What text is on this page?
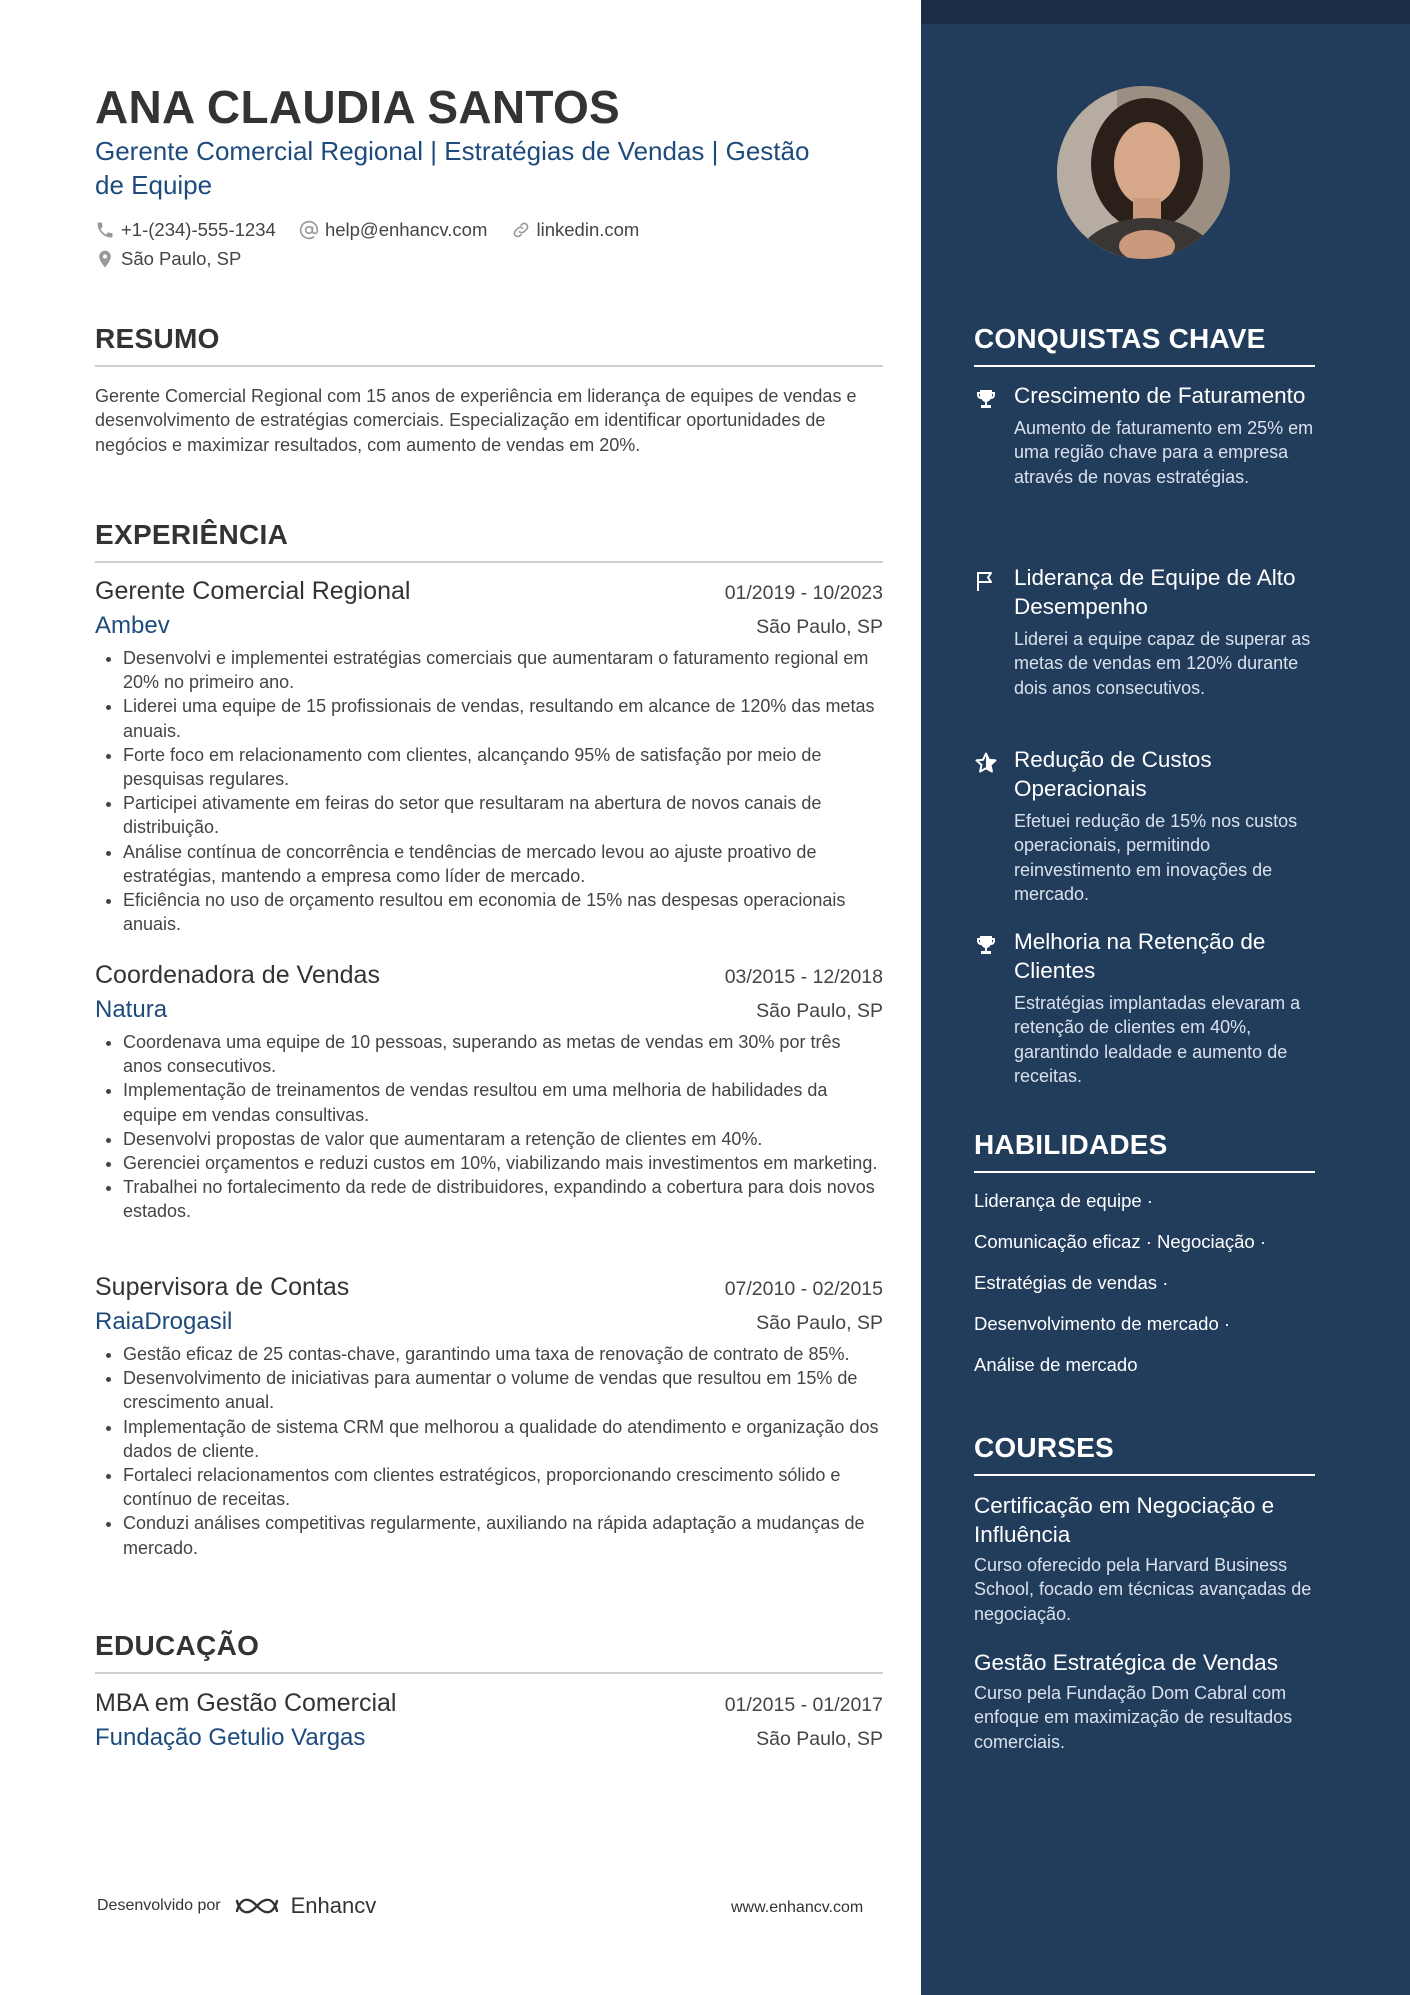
ANA CLAUDIA SANTOS
Gerente Comercial Regional | Estratégias de Vendas | Gestão de Equipe
+1-(234)-555-1234
	help@enhancv.com
	linkedin.com

São Paulo, SP
RESUMO

Gerente Comercial Regional com 15 anos de experiência em liderança de equipes de vendas e desenvolvimento de estratégias comerciais. Especialização em identificar oportunidades de negócios e maximizar resultados, com aumento de vendas em 20%.

EXPERIÊNCIA
Gerente Comercial Regional	01/2019 - 10/2023
Ambev	São Paulo, SP
• Desenvolvi e implementei estratégias comerciais que aumentaram o faturamento regional em 20% no primeiro ano.
• Liderei uma equipe de 15 profissionais de vendas, resultando em alcance de 120% das metas anuais.
• Forte foco em relacionamento com clientes, alcançando 95% de satisfação por meio de pesquisas regulares.
• Participei ativamente em feiras do setor que resultaram na abertura de novos canais de distribuição.
• Análise contínua de concorrência e tendências de mercado levou ao ajuste proativo de estratégias, mantendo a empresa como líder de mercado.
• Eficiência no uso de orçamento resultou em economia de 15% nas despesas operacionais anuais.
Coordenadora de Vendas	03/2015 - 12/2018
Natura	São Paulo, SP
• Coordenava uma equipe de 10 pessoas, superando as metas de vendas em 30% por três anos consecutivos.
• Implementação de treinamentos de vendas resultou em uma melhoria de habilidades da equipe em vendas consultivas.
• Desenvolvi propostas de valor que aumentaram a retenção de clientes em 40%.
• Gerenciei orçamentos e reduzi custos em 10%, viabilizando mais investimentos em marketing.
• Trabalhei no fortalecimento da rede de distribuidores, expandindo a cobertura para dois novos estados.
Supervisora de Contas	07/2010 - 02/2015
RaiaDrogasil	São Paulo, SP
• Gestão eficaz de 25 contas-chave, garantindo uma taxa de renovação de contrato de 85%.
• Desenvolvimento de iniciativas para aumentar o volume de vendas que resultou em 15% de crescimento anual.
• Implementação de sistema CRM que melhorou a qualidade do atendimento e organização dos dados de cliente.
• Fortaleci relacionamentos com clientes estratégicos, proporcionando crescimento sólido e contínuo de receitas.
• Conduzi análises competitivas regularmente, auxiliando na rápida adaptação a mudanças de mercado.
EDUCAÇÃO
MBA em Gestão Comercial	01/2015 - 01/2017
Fundação Getulio Vargas	São Paulo, SP
Desenvolvido por	Enhancv	www.enhancv.com
CONQUISTAS CHAVE
Crescimento de Faturamento
Aumento de faturamento em 25% em uma região chave para a empresa através de novas estratégias.
Liderança de Equipe de Alto Desempenho
Liderei a equipe capaz de superar as metas de vendas em 120% durante dois anos consecutivos.
Redução de Custos Operacionais
Efetuei redução de 15% nos custos operacionais, permitindo reinvestimento em inovações de mercado.
Melhoria na Retenção de Clientes
Estratégias implantadas elevaram a retenção de clientes em 40%, garantindo lealdade e aumento de receitas.
HABILIDADES
Liderança de equipe ·
Comunicação eficaz · Negociação ·
Estratégias de vendas ·
Desenvolvimento de mercado ·
Análise de mercado
COURSES
Certificação em Negociação e Influência
Curso oferecido pela Harvard Business School, focado em técnicas avançadas de negociação.
Gestão Estratégica de Vendas
Curso pela Fundação Dom Cabral com enfoque em maximização de resultados comerciais.
